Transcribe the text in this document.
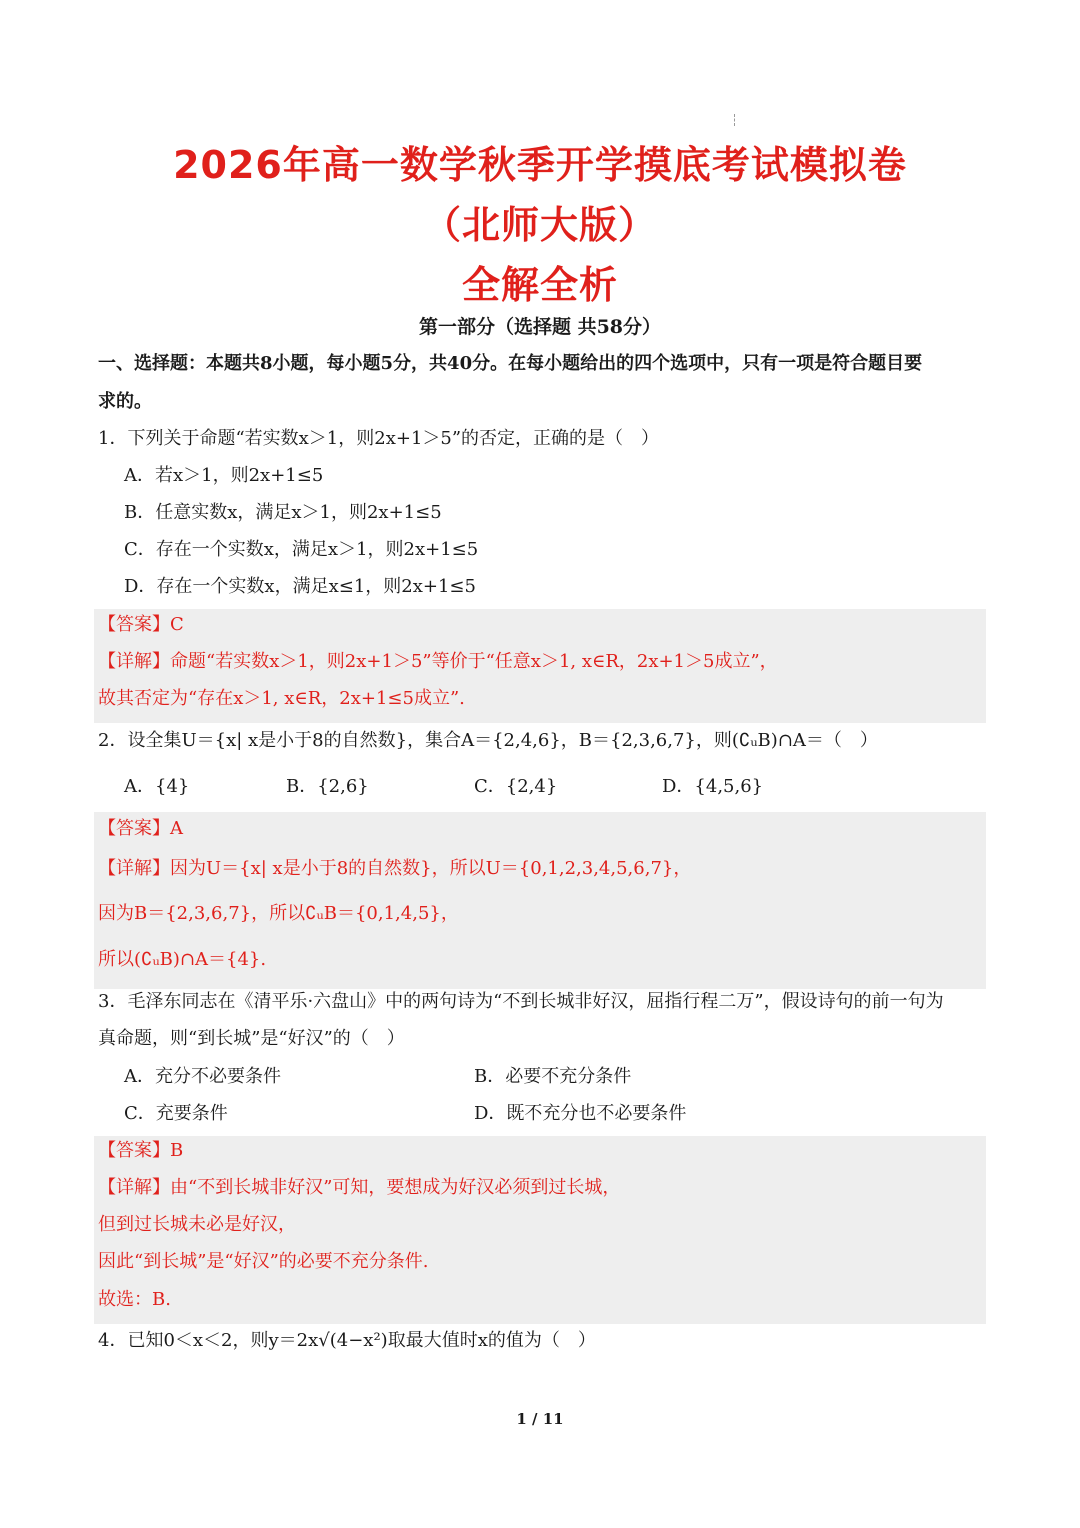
2026年高一数学秋季开学摸底考试模拟卷
（北师大版）
全解全析
第一部分（选择题 共58分）
一、选择题：本题共8小题，每小题5分，共40分。在每小题给出的四个选项中，只有一项是符合题目要
求的。
1．下列关于命题“若实数x＞1，则2x+1＞5”的否定，正确的是（　）
A．若x＞1，则2x+1≤5
B．任意实数x，满足x＞1，则2x+1≤5
C．存在一个实数x，满足x＞1，则2x+1≤5
D．存在一个实数x，满足x≤1，则2x+1≤5
【答案】C
【详解】命题“若实数x＞1，则2x+1＞5”等价于“任意x＞1, x∈R，2x+1＞5成立”，
故其否定为“存在x＞1, x∈R，2x+1≤5成立”.
2．设全集U＝{x| x是小于8的自然数}，集合A＝{2,4,6}，B＝{2,3,6,7}，则(∁ᵤB)∩A＝（　）
A．{4}	B．{2,6}	C．{2,4}	D．{4,5,6}
【答案】A
【详解】因为U＝{x| x是小于8的自然数}，所以U＝{0,1,2,3,4,5,6,7}，
因为B＝{2,3,6,7}，所以∁ᵤB＝{0,1,4,5}，
所以(∁ᵤB)∩A＝{4}.
3．毛泽东同志在《清平乐·六盘山》中的两句诗为“不到长城非好汉，屈指行程二万”，假设诗句的前一句为
真命题，则“到长城”是“好汉”的（　）
A．充分不必要条件	B．必要不充分条件
C．充要条件	D．既不充分也不必要条件
【答案】B
【详解】由“不到长城非好汉”可知，要想成为好汉必须到过长城，
但到过长城未必是好汉，
因此“到长城”是“好汉”的必要不充分条件.
故选：B.
4．已知0＜x＜2，则y＝2x√(4−x²)取最大值时x的值为（　）
1 / 11
